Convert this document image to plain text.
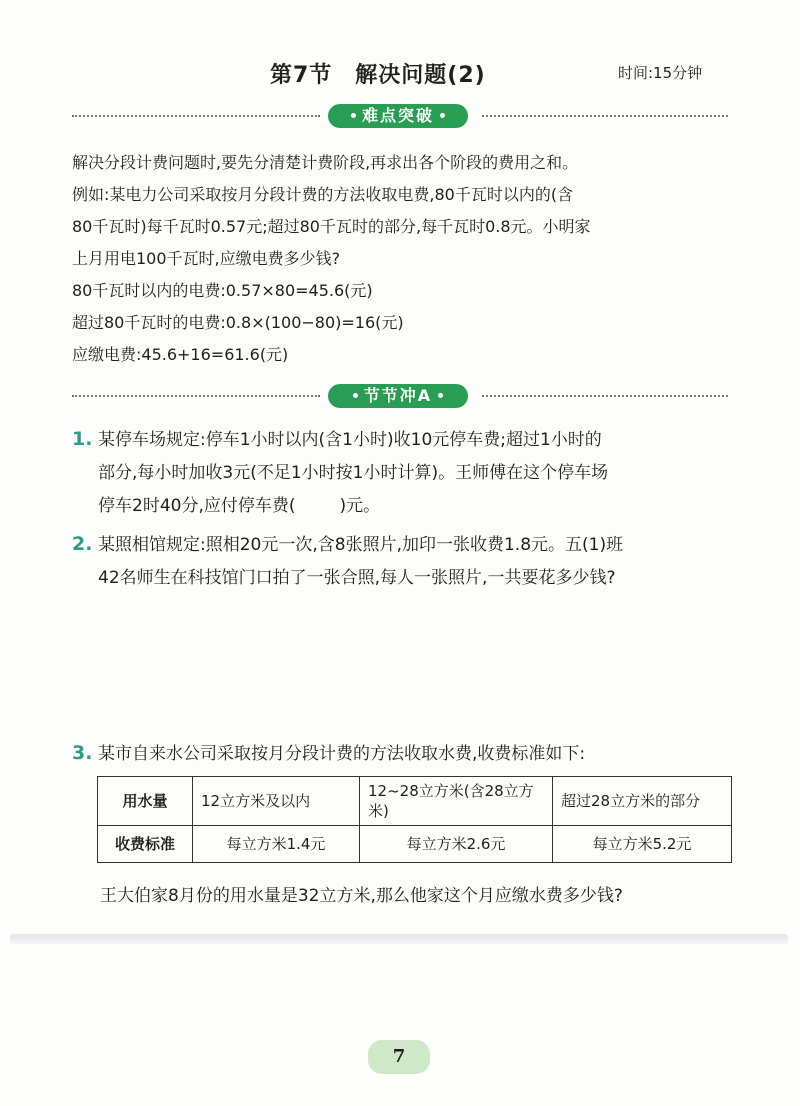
第7节　解决问题(2)	时间:15分钟
难点突破
解决分段计费问题时,要先分清楚计费阶段,再求出各个阶段的费用之和。
例如:某电力公司采取按月分段计费的方法收取电费,80千瓦时以内的(含
80千瓦时)每千瓦时0.57元;超过80千瓦时的部分,每千瓦时0.8元。小明家
上月用电100千瓦时,应缴电费多少钱?
80千瓦时以内的电费:0.57×80=45.6(元)
超过80千瓦时的电费:0.8×(100−80)=16(元)
应缴电费:45.6+16=61.6(元)
节节冲A
1. 某停车场规定:停车1小时以内(含1小时)收10元停车费;超过1小时的
部分,每小时加收3元(不足1小时按1小时计算)。王师傅在这个停车场
停车2时40分,应付停车费(	)元。
2. 某照相馆规定:照相20元一次,含8张照片,加印一张收费1.8元。五(1)班
42名师生在科技馆门口拍了一张合照,每人一张照片,一共要花多少钱?
3. 某市自来水公司采取按月分段计费的方法收取水费,收费标准如下:
用水量	12立方米及以内	12~28立方米(含28立方米)	超过28立方米的部分
收费标准	每立方米1.4元	每立方米2.6元	每立方米5.2元
王大伯家8月份的用水量是32立方米,那么他家这个月应缴水费多少钱?
7
